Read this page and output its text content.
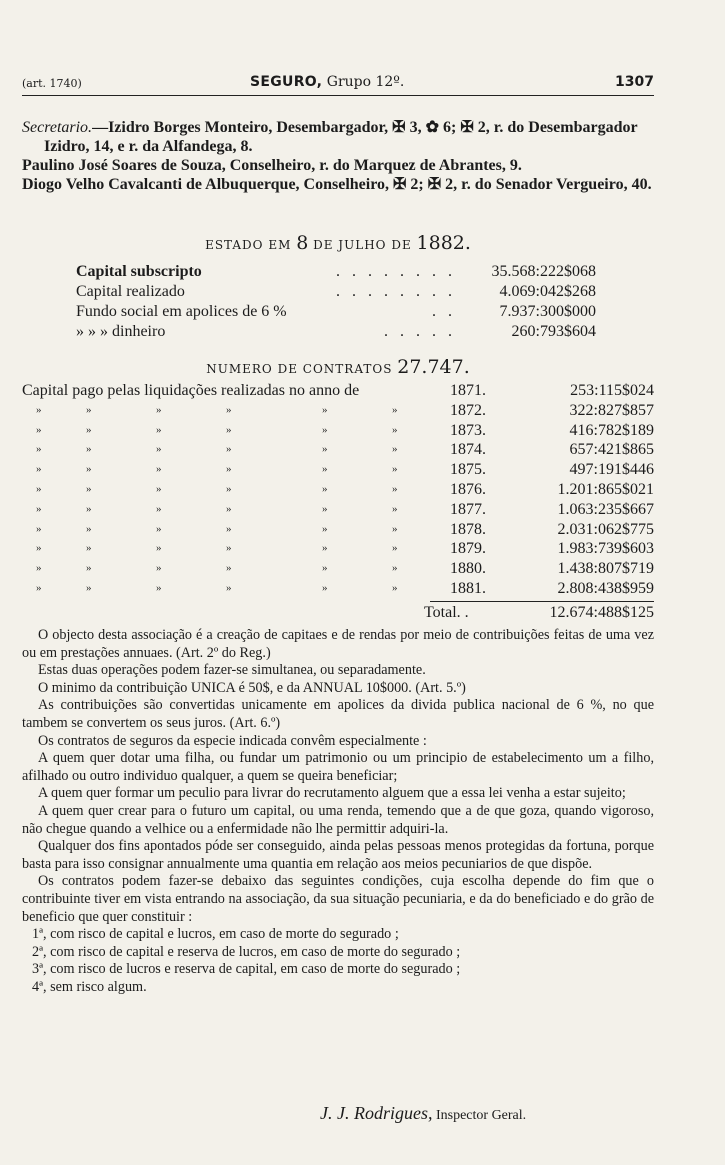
(art. 1740)	SEGURO, Grupo 12º.	1307

Secretario.—Izidro Borges Monteiro, Desembargador, ✠ 3, ✿ 6; ✠ 2, r. do Desembargador Izidro, 14, e r. da Alfandega, 8.

Paulino José Soares de Souza, Conselheiro, r. do Marquez de Abrantes, 9.

Diogo Velho Cavalcanti de Albuquerque, Conselheiro, ✠ 2; ✠ 2, r. do Senador Vergueiro, 40.

ESTADO EM 8 DE JULHO DE 1882.
Capital subscripto	. . . . . . . . 35.568:222$068
Capital realizado	. . . . . . . .	4.069:042$268
Fundo social em apolices de 6 %	. .	7.937:300$000
» » » dinheiro	. . . . .	260:793$604
NUMERO DE CONTRATOS 27.747.
Capital pago pelas liquidações realizadas no anno de	1871.	253:115$024
»	»	»	»	»	»	1872.	322:827$857
»	»	»	»	»	»	1873.	416:782$189
»	»	»	»	»	»	1874.	657:421$865
»	»	»	»	»	»	1875.	497:191$446
»	»	»	»	»	»	1876.	1.201:865$021
»	»	»	»	»	»	1877.	1.063:235$667
»	»	»	»	»	»	1878.	2.031:062$775
»	»	»	»	»	»	1879.	1.983:739$603
»	»	»	»	»	»	1880.	1.438:807$719
»	»	»	»	»	»	1881.	2.808:438$959
Total. .	12.674:488$125

O objecto desta associação é a creação de capitaes e de rendas por meio de contribuições feitas de uma vez ou em prestações annuaes. (Art. 2º do Reg.)

Estas duas operações podem fazer-se simultanea, ou separadamente.

O minimo da contribuição UNICA é 50$, e da ANNUAL 10$000. (Art. 5.º)

As contribuições são convertidas unicamente em apolices da divida publica nacional de 6 %, no que tambem se convertem os seus juros. (Art. 6.º)

Os contratos de seguros da especie indicada convêm especialmente :

A quem quer dotar uma filha, ou fundar um patrimonio ou um principio de estabelecimento um a filho, afilhado ou outro individuo qualquer, a quem se queira beneficiar;

A quem quer formar um peculio para livrar do recrutamento alguem que a essa lei venha a estar sujeito;

A quem quer crear para o futuro um capital, ou uma renda, temendo que a de que goza, quando vigoroso, não chegue quando a velhice ou a enfermidade não lhe permittir adquiri-la.

Qualquer dos fins apontados póde ser conseguido, ainda pelas pessoas menos protegidas da fortuna, porque basta para isso consignar annualmente uma quantia em relação aos meios pecuniarios de que dispõe.

Os contratos podem fazer-se debaixo das seguintes condições, cuja escolha depende do fim que o contribuinte tiver em vista entrando na associação, da sua situação pecuniaria, e da do beneficiado e do grão de beneficio que quer constituir :

1ª, com risco de capital e lucros, em caso de morte do segurado ;

2ª, com risco de capital e reserva de lucros, em caso de morte do segurado ;

3ª, com risco de lucros e reserva de capital, em caso de morte do segurado ;

4ª, sem risco algum.

J. J. Rodrigues, Inspector Geral.
